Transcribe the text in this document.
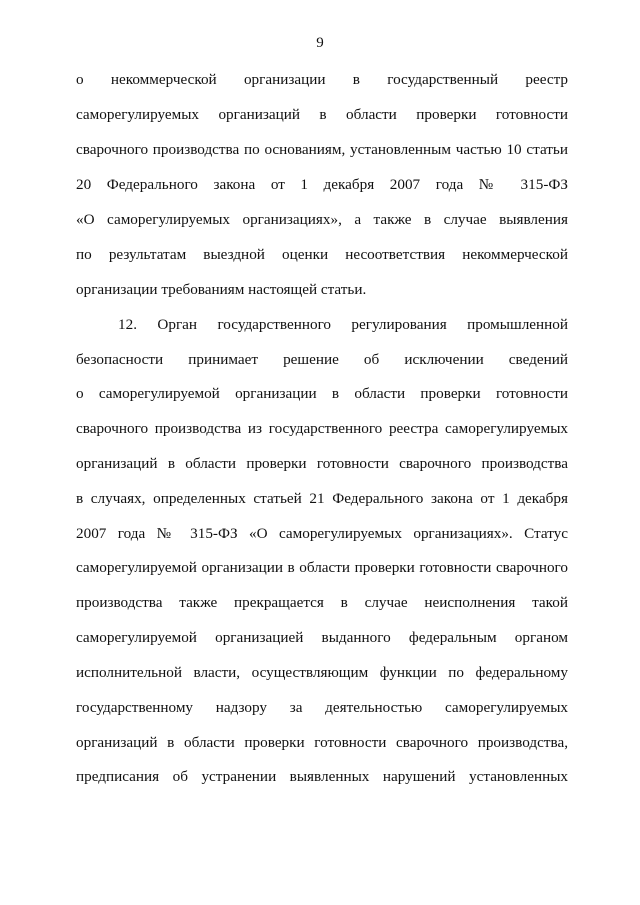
9
о некоммерческой организации в государственный реестр
саморегулируемых организаций в области проверки готовности
сварочного производства по основаниям, установленным частью 10 статьи
20 Федерального закона от 1 декабря 2007 года № 315-ФЗ
«О саморегулируемых организациях», а также в случае выявления
по результатам выездной оценки несоответствия некоммерческой
организации требованиям настоящей статьи.
12. Орган государственного регулирования промышленной
безопасности принимает решение об исключении сведений
о саморегулируемой организации в области проверки готовности
сварочного производства из государственного реестра саморегулируемых
организаций в области проверки готовности сварочного производства
в случаях, определенных статьей 21 Федерального закона от 1 декабря
2007 года № 315-ФЗ «О саморегулируемых организациях». Статус
саморегулируемой организации в области проверки готовности сварочного
производства также прекращается в случае неисполнения такой
саморегулируемой организацией выданного федеральным органом
исполнительной власти, осуществляющим функции по федеральному
государственному надзору за деятельностью саморегулируемых
организаций в области проверки готовности сварочного производства,
предписания об устранении выявленных нарушений установленных
